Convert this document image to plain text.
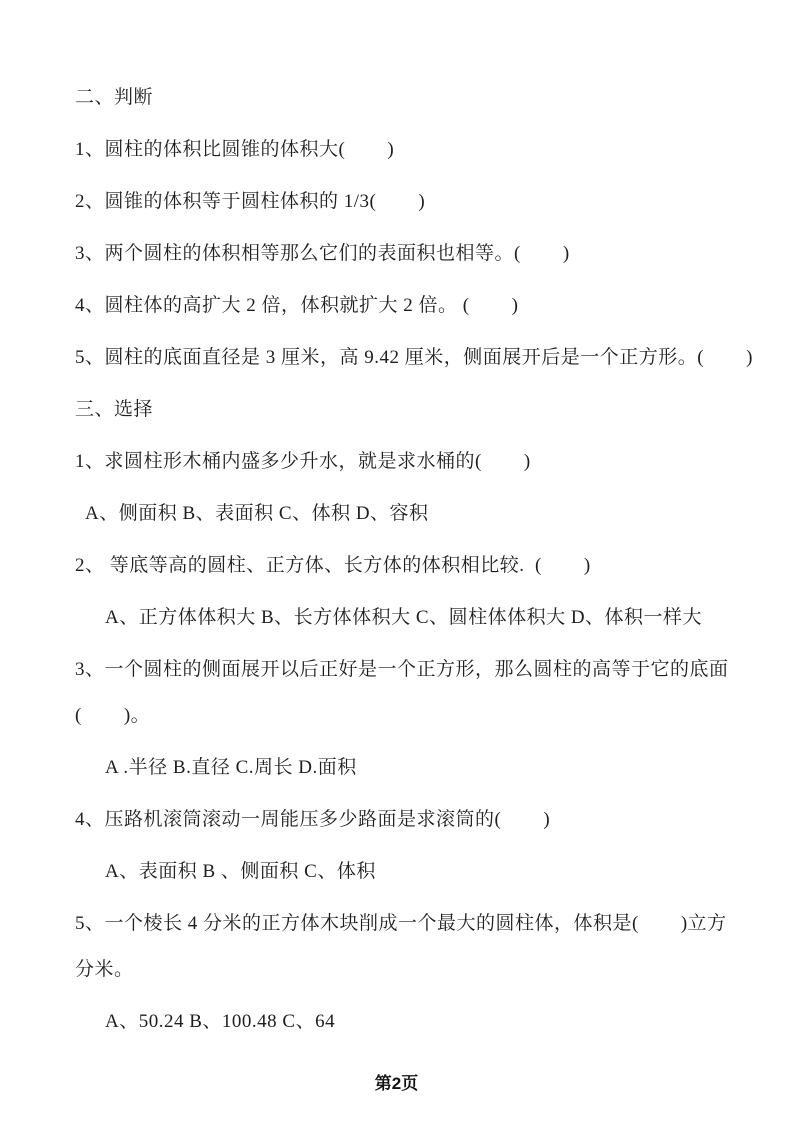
二、判断
1、圆柱的体积比圆锥的体积大(        )
2、圆锥的体积等于圆柱体积的 1/3(        )
3、两个圆柱的体积相等那么它们的表面积也相等。(        )
4、圆柱体的高扩大 2 倍，体积就扩大 2 倍。 (        )
5、圆柱的底面直径是 3 厘米，高 9.42 厘米，侧面展开后是一个正方形。(        )
三、选择
1、求圆柱形木桶内盛多少升水，就是求水桶的(        )
A、侧面积 B、表面积 C、体积 D、容积
2、 等底等高的圆柱、正方体、长方体的体积相比较.  (        )
A、正方体体积大 B、长方体体积大 C、圆柱体体积大 D、体积一样大
3、一个圆柱的侧面展开以后正好是一个正方形，那么圆柱的高等于它的底面
(        )。
A .半径 B.直径 C.周长 D.面积
4、压路机滚筒滚动一周能压多少路面是求滚筒的(        )
A、表面积 B 、侧面积 C、体积
5、一个棱长 4 分米的正方体木块削成一个最大的圆柱体，体积是(        )立方
分米。
A、50.24 B、100.48 C、64
第2页
